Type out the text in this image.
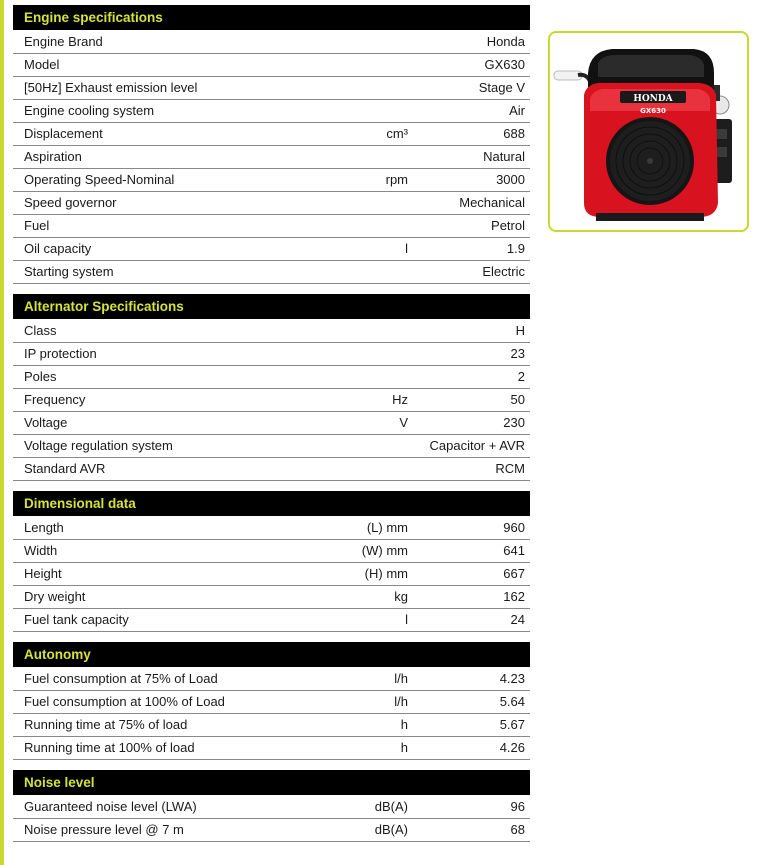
Engine specifications
Engine Brand	Honda
Model	GX630
[50Hz] Exhaust emission level	Stage V
Engine cooling system	Air
Displacement	cm³	688
Aspiration	Natural
Operating Speed-Nominal	rpm	3000
Speed governor	Mechanical
Fuel	Petrol
Oil capacity	l	1.9
Starting system	Electric
Alternator Specifications
Class	H
IP protection	23
Poles	2
Frequency	Hz	50
Voltage	V	230
Voltage regulation system	Capacitor + AVR
Standard AVR	RCM
Dimensional data
Length	(L) mm	960
Width	(W) mm	641
Height	(H) mm	667
Dry weight	kg	162
Fuel tank capacity	l	24
Autonomy
Fuel consumption at 75% of Load	l/h	4.23
Fuel consumption at 100% of Load	l/h	5.64
Running time at 75% of load	h	5.67
Running time at 100% of load	h	4.26
Noise level
Guaranteed noise level (LWA)	dB(A)	96
Noise pressure level @ 7 m	dB(A)	68
HONDA
GX630
